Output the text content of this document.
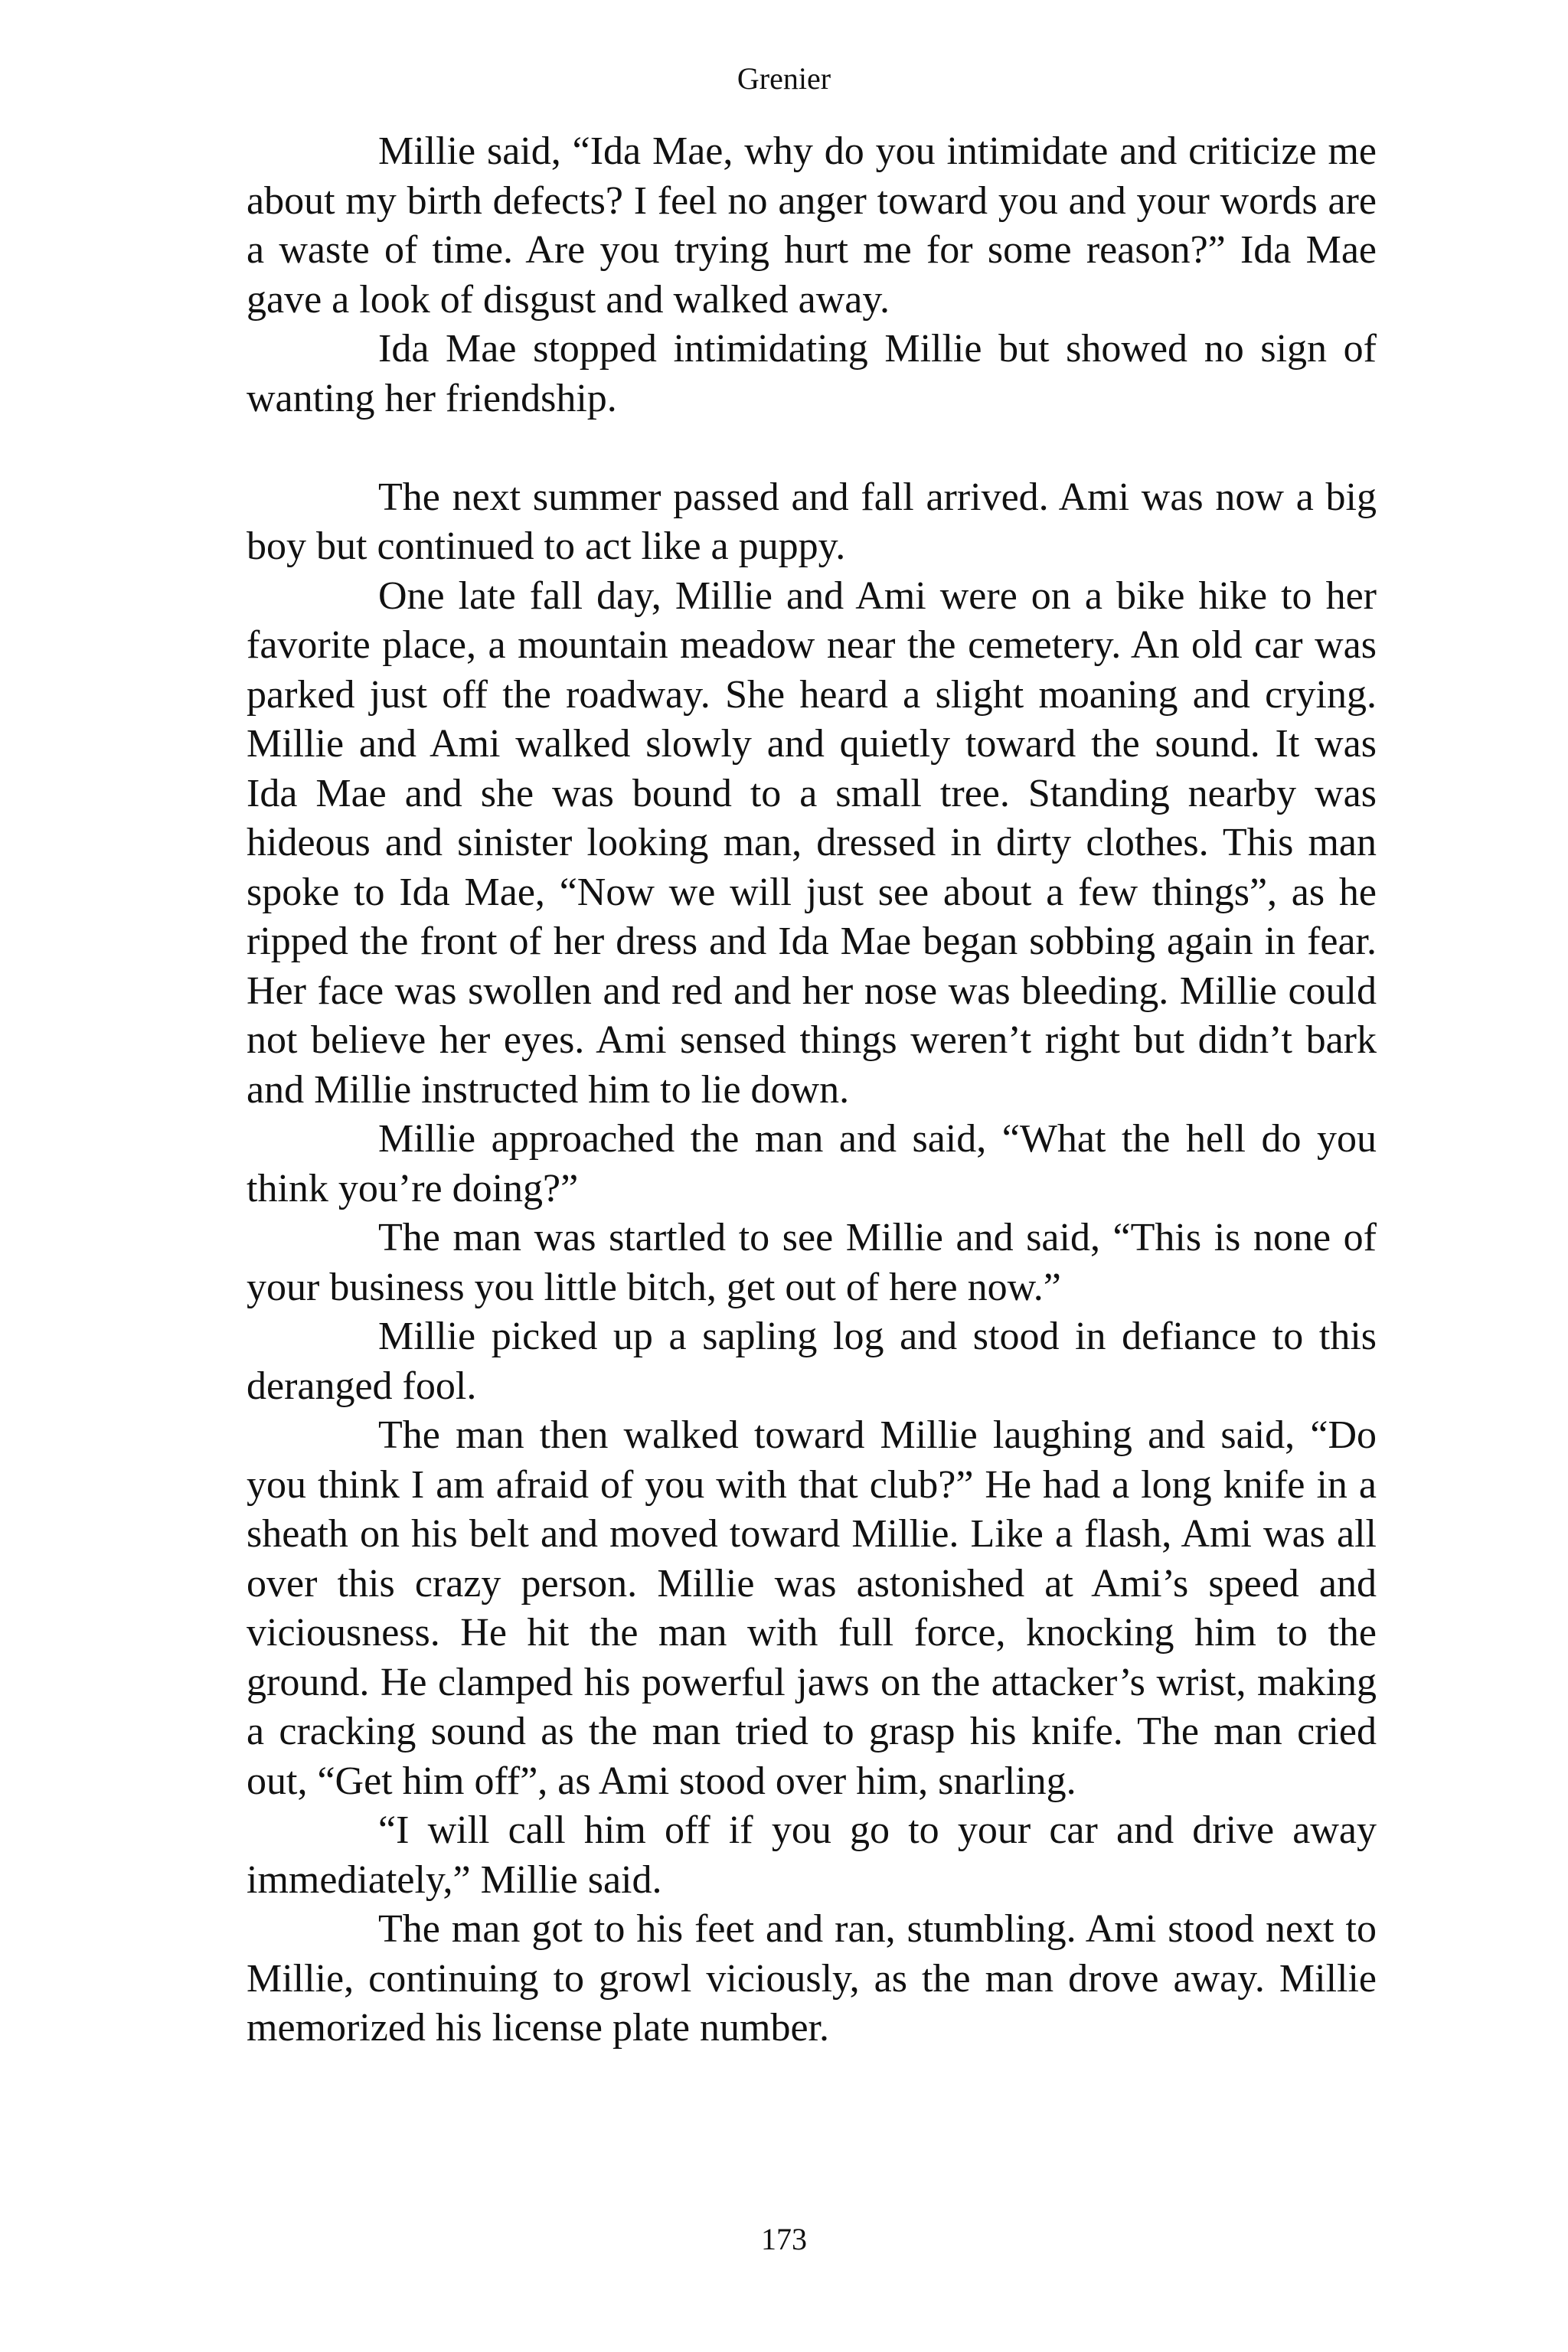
Grenier

Millie said, “Ida Mae, why do you intimidate and criticize me about my birth defects? I feel no anger toward you and your words are a waste of time. Are you trying hurt me for some reason?” Ida Mae gave a look of disgust and walked away.

Ida Mae stopped intimidating Millie but showed no sign of wanting her friendship.

The next summer passed and fall arrived. Ami was now a big boy but continued to act like a puppy.

One late fall day, Millie and Ami were on a bike hike to her favorite place, a mountain meadow near the cemetery. An old car was parked just off the roadway. She heard a slight moaning and crying. Millie and Ami walked slowly and quietly toward the sound. It was Ida Mae and she was bound to a small tree. Standing nearby was hideous and sinister looking man, dressed in dirty clothes. This man spoke to Ida Mae, “Now we will just see about a few things”, as he ripped the front of her dress and Ida Mae began sobbing again in fear. Her face was swollen and red and her nose was bleeding. Millie could not believe her eyes. Ami sensed things weren’t right but didn’t bark and Millie instructed him to lie down.

Millie approached the man and said, “What the hell do you think you’re doing?”

The man was startled to see Millie and said, “This is none of your business you little bitch, get out of here now.”

Millie picked up a sapling log and stood in defiance to this deranged fool.

The man then walked toward Millie laughing and said, “Do you think I am afraid of you with that club?” He had a long knife in a sheath on his belt and moved toward Millie. Like a flash, Ami was all over this crazy person. Millie was astonished at Ami’s speed and viciousness. He hit the man with full force, knocking him to the ground. He clamped his powerful jaws on the attacker’s wrist, making a cracking sound as the man tried to grasp his knife. The man cried out, “Get him off”, as Ami stood over him, snarling.

“I will call him off if you go to your car and drive away immediately,” Millie said.

The man got to his feet and ran, stumbling. Ami stood next to Millie, continuing to growl viciously, as the man drove away. Millie memorized his license plate number.

173
